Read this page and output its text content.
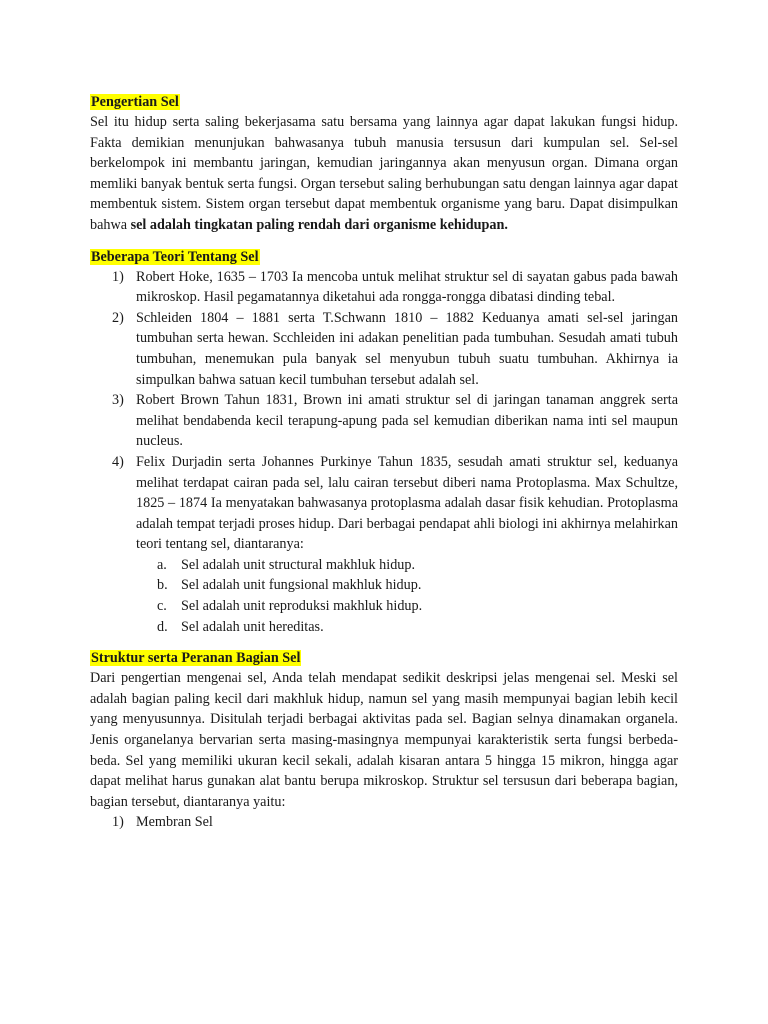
Pengertian Sel

Sel itu hidup serta saling bekerjasama satu bersama yang lainnya agar dapat lakukan fungsi hidup. Fakta demikian menunjukan bahwasanya tubuh manusia tersusun dari kumpulan sel. Sel-sel berkelompok ini membantu jaringan, kemudian jaringannya akan menyusun organ. Dimana organ memliki banyak bentuk serta fungsi. Organ tersebut saling berhubungan satu dengan lainnya agar dapat membentuk sistem. Sistem organ tersebut dapat membentuk organisme yang baru. Dapat disimpulkan bahwa sel adalah tingkatan paling rendah dari organisme kehidupan.

Beberapa Teori Tentang Sel
1) Robert Hoke, 1635 – 1703 Ia mencoba untuk melihat struktur sel di sayatan gabus pada bawah mikroskop. Hasil pegamatannya diketahui ada rongga-rongga dibatasi dinding tebal.
2) Schleiden 1804 – 1881 serta T.Schwann 1810 – 1882 Keduanya amati sel-sel jaringan tumbuhan serta hewan. Scchleiden ini adakan penelitian pada tumbuhan. Sesudah amati tubuh tumbuhan, menemukan pula banyak sel menyubun tubuh suatu tumbuhan. Akhirnya ia simpulkan bahwa satuan kecil tumbuhan tersebut adalah sel.
3) Robert Brown Tahun 1831, Brown ini amati struktur sel di jaringan tanaman anggrek serta melihat bendabenda kecil terapung-apung pada sel kemudian diberikan nama inti sel maupun nucleus.
4) Felix Durjadin serta Johannes Purkinye Tahun 1835, sesudah amati struktur sel, keduanya melihat terdapat cairan pada sel, lalu cairan tersebut diberi nama Protoplasma. Max Schultze, 1825 – 1874 Ia menyatakan bahwasanya protoplasma adalah dasar fisik kehudian. Protoplasma adalah tempat terjadi proses hidup. Dari berbagai pendapat ahli biologi ini akhirnya melahirkan teori tentang sel, diantaranya:
a. Sel adalah unit structural makhluk hidup.
b. Sel adalah unit fungsional makhluk hidup.
c. Sel adalah unit reproduksi makhluk hidup.
d. Sel adalah unit hereditas.
Struktur serta Peranan Bagian Sel

Dari pengertian mengenai sel, Anda telah mendapat sedikit deskripsi jelas mengenai sel. Meski sel adalah bagian paling kecil dari makhluk hidup, namun sel yang masih mempunyai bagian lebih kecil yang menyusunnya. Disitulah terjadi berbagai aktivitas pada sel. Bagian selnya dinamakan organela. Jenis organelanya bervarian serta masing-masingnya mempunyai karakteristik serta fungsi berbeda-beda. Sel yang memiliki ukuran kecil sekali, adalah kisaran antara 5 hingga 15 mikron, hingga agar dapat melihat harus gunakan alat bantu berupa mikroskop. Struktur sel tersusun dari beberapa bagian, bagian tersebut, diantaranya yaitu:

1) Membran Sel
